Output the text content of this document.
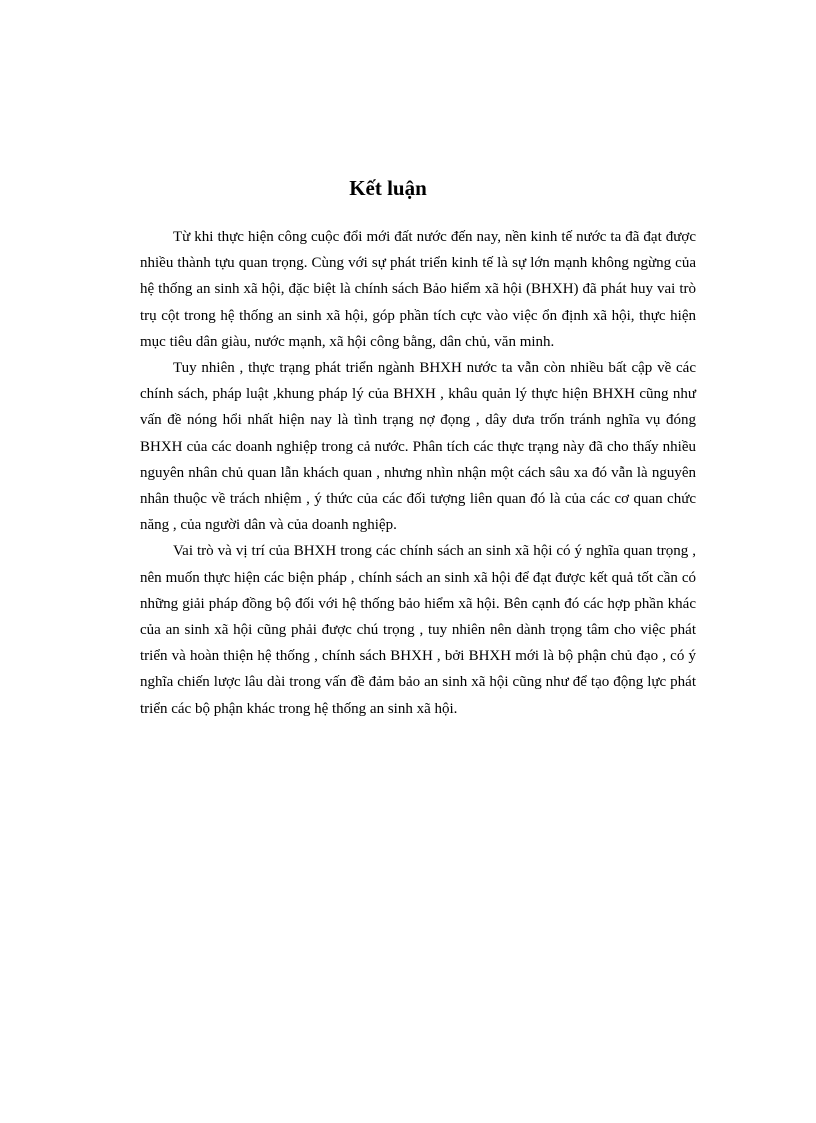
Kết luận

Từ khi thực hiện công cuộc đổi mới đất nước đến nay, nền kinh tế nước ta đã đạt được nhiều thành tựu quan trọng. Cùng với sự phát triển kinh tế là sự lớn mạnh không ngừng của hệ thống an sinh xã hội, đặc biệt là chính sách Bảo hiểm xã hội (BHXH) đã phát huy vai trò trụ cột trong hệ thống an sinh xã hội, góp phần tích cực vào việc ổn định xã hội, thực hiện mục tiêu dân giàu, nước mạnh, xã hội công bằng, dân chủ, văn minh.

Tuy nhiên , thực trạng phát triển ngành BHXH nước ta vẫn còn nhiều bất cập về các chính sách, pháp luật ,khung pháp lý của BHXH , khâu quản lý thực hiện BHXH cũng như vấn đề nóng hổi nhất hiện nay là tình trạng nợ đọng , dây dưa trốn tránh nghĩa vụ đóng BHXH của các doanh nghiệp trong cả nước. Phân tích các thực trạng này đã cho thấy nhiều nguyên nhân chủ quan lẫn khách quan , nhưng nhìn nhận một cách sâu xa đó vẫn là nguyên nhân thuộc về trách nhiệm , ý thức của các đối tượng liên quan đó là của các cơ quan chức năng , của người dân và của doanh nghiệp.

Vai trò và vị trí của BHXH trong các chính sách an sinh xã hội có ý nghĩa quan trọng , nên muốn thực hiện các biện pháp , chính sách an sinh xã hội để đạt được kết quả tốt cần có những giải pháp đồng bộ đối với hệ thống bảo hiểm xã hội. Bên cạnh đó các hợp phần khác của an sinh xã hội cũng phải được chú trọng , tuy nhiên nên dành trọng tâm cho việc phát triển và hoàn thiện hệ thống , chính sách BHXH , bởi BHXH mới là bộ phận chủ đạo , có ý nghĩa chiến lược lâu dài trong vấn đề đảm bảo an sinh xã hội cũng như để tạo động lực phát triển các bộ phận khác trong hệ thống an sinh xã hội.
